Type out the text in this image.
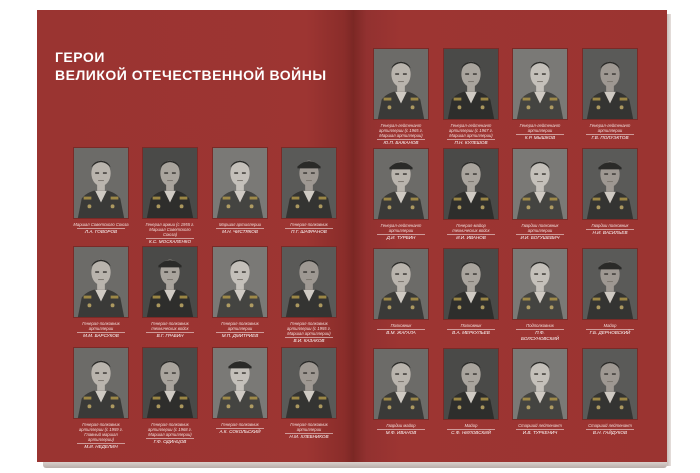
ГЕРОИ
ВЕЛИКОЙ ОТЕЧЕСТВЕННОЙ ВОЙНЫ
Маршал Советского Союза
Л.А. ГОВОРОВ
Генерал армии (с 1955 г. Маршал Советского Союза)
К.С. МОСКАЛЕНКО
Маршал артиллерии
М.Н. ЧИСТЯКОВ
Генерал-полковник
П.Г. ШАФРАНОВ
Генерал-полковник артиллерии
М.М. БАРСУКОВ
Генерал-полковник технических войск
В.Г. ГРАБИН
Генерал-полковник артиллерии
М.П. ДМИТРИЕВ
Генерал-полковник артиллерии (с 1955 г. Маршал артиллерии)
В.И. КАЗАКОВ
Генерал-полковник артиллерии (с 1959 г. Главный маршал артиллерии)
М.И. НЕДЕЛИН
Генерал-полковник артиллерии (с 1968 г. Маршал артиллерии)
Г.Ф. ОДИНЦОВ
Генерал-полковник
А.К. СОКОЛЬСКИЙ
Генерал-полковник артиллерии
Н.М. ХЛЕБНИКОВ
Генерал-лейтенант артиллерии (с 1965 г. Маршал артиллерии)
Ю.П. БАЖАНОВ
Генерал-лейтенант артиллерии (с 1967 г. Маршал артиллерии)
П.Н. КУЛЕШОВ
Генерал-лейтенант артиллерии
К.Р. МЫШКОВ
Генерал-лейтенант артиллерии
Г.В. ПОЛУЭКТОВ
Генерал-лейтенант артиллерии
Д.И. ТУРБИН
Генерал-майор технических войск
И.И. ИВАНОВ
Гвардии полковник артиллерии
И.И. БОГУШЕВИЧ
Гвардии полковник
Н.И. ВАСИЛЬЕВ
Полковник
В.М. ЖАГАЛА
Полковник
В.А. МЕРКУЛЬЕВ
Подполковник
П.Ф. БОЛСУНОВСКИЙ
Майор
Г.Б. ДЕРНОВСКИЙ
Гвардии майор
М.Ф. ИВАНОВ
Майор
С.Ф. НИЛОВСКИЙ
Старший лейтенант
И.В. ТУРКЕНИЧ
Старший лейтенант
В.Н. ГАЙДУКОВ
